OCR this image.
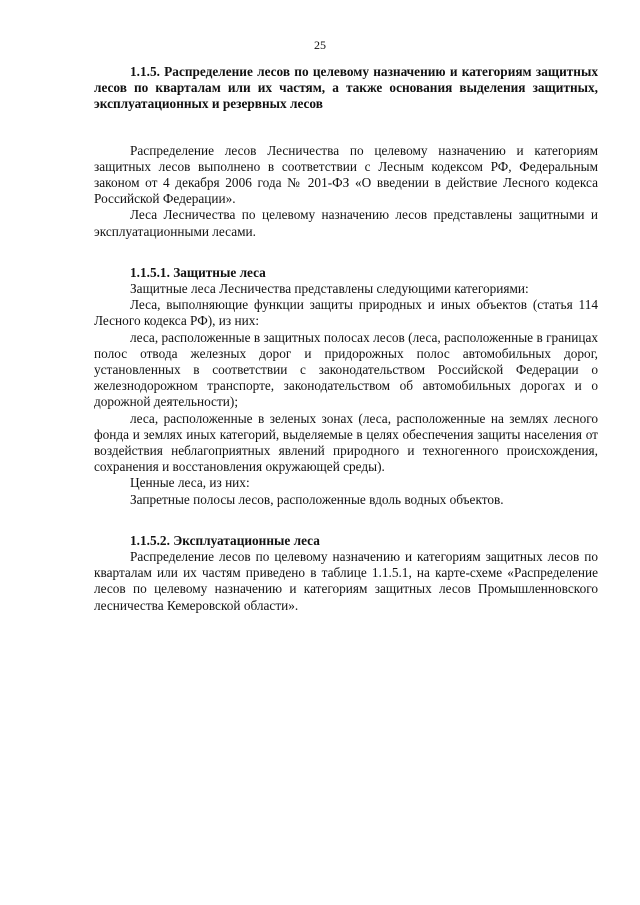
25

1.1.5. Распределение лесов по целевому назначению и категориям защитных лесов по кварталам или их частям, а также основания выделения защитных, эксплуатационных и резервных лесов

Распределение лесов Лесничества по целевому назначению и категориям защитных лесов выполнено в соответствии с Лесным кодексом РФ, Федеральным законом от 4 декабря 2006 года № 201-ФЗ «О введении в действие Лесного кодекса Российской Федерации».

Леса Лесничества по целевому назначению лесов представлены защитными и эксплуатационными лесами.

1.1.5.1. Защитные леса

Защитные леса Лесничества представлены следующими категориями:

Леса, выполняющие функции защиты природных и иных объектов (статья 114 Лесного кодекса РФ), из них:

леса, расположенные в защитных полосах лесов (леса, расположенные в границах полос отвода железных дорог и придорожных полос автомобильных дорог, установленных в соответствии с законодательством Российской Федерации о железнодорожном транспорте, законодательством об автомобильных дорогах и о дорожной деятельности);

леса, расположенные в зеленых зонах (леса, расположенные на землях лесного фонда и землях иных категорий, выделяемые в целях обеспечения защиты населения от воздействия неблагоприятных явлений природного и техногенного происхождения, сохранения и восстановления окружающей среды).

Ценные леса, из них:

Запретные полосы лесов, расположенные вдоль водных объектов.

1.1.5.2. Эксплуатационные леса

Распределение лесов по целевому назначению и категориям защитных лесов по кварталам или их частям приведено в таблице 1.1.5.1, на карте-схеме «Распределение лесов по целевому назначению и категориям защитных лесов Промышленновского лесничества Кемеровской области».
